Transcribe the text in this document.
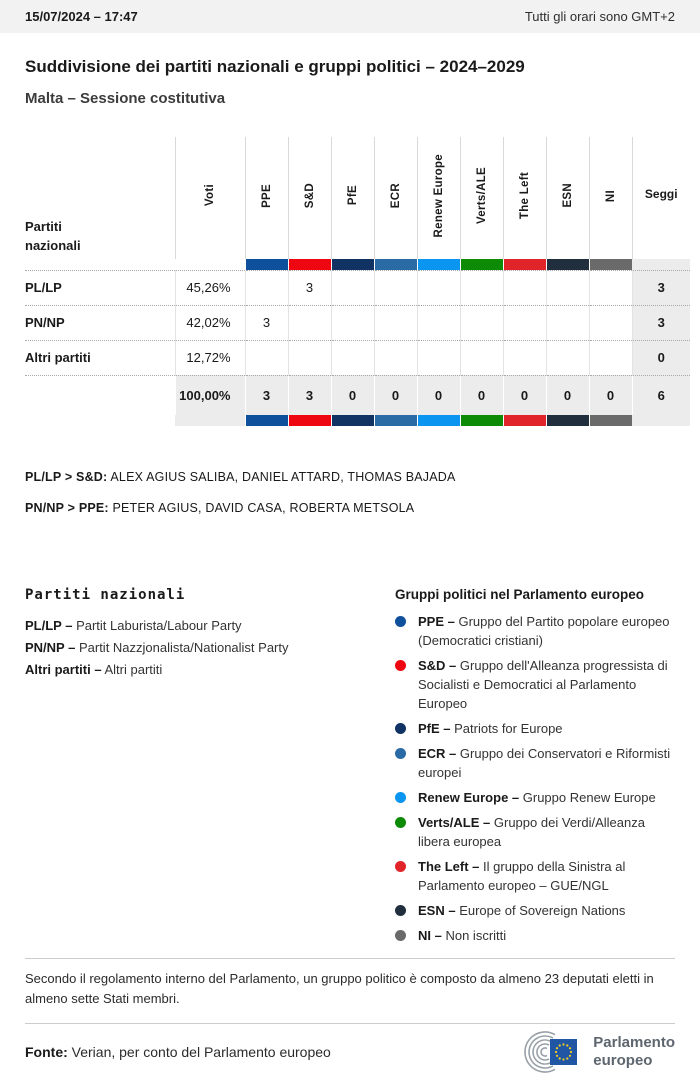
15/07/2024 – 17:47	Tutti gli orari sono GMT+2
Suddivisione dei partiti nazionali e gruppi politici – 2024–2029
Malta – Sessione costitutiva
Partiti nazionali	Voti	PPE	S&D	PfE	ECR	Renew Europe	Verts/ALE	The Left	ESN	NI	Seggi

PL/LP	45,26%		3								3
PN/NP	42,02%	3									3
Altri partiti	12,72%										0
	100,00%	3	3	0	0	0	0	0	0	0	6

PL/LP > S&D: ALEX AGIUS SALIBA, DANIEL ATTARD, THOMAS BAJADA

PN/NP > PPE: PETER AGIUS, DAVID CASA, ROBERTA METSOLA

Partiti nazionali
PL/LP – Partit Laburista/Labour Party
PN/NP – Partit Nazzjonalista/Nationalist Party
Altri partiti – Altri partiti
Gruppi politici nel Parlamento europeo
PPE – Gruppo del Partito popolare europeo (Democratici cristiani)
S&D – Gruppo dell'Alleanza progressista di Socialisti e Democratici al Parlamento Europeo
PfE – Patriots for Europe
ECR – Gruppo dei Conservatori e Riformisti europei
Renew Europe – Gruppo Renew Europe
Verts/ALE – Gruppo dei Verdi/Alleanza libera europea
The Left – Il gruppo della Sinistra al Parlamento europeo – GUE/NGL
ESN – Europe of Sovereign Nations
NI – Non iscritti

Secondo il regolamento interno del Parlamento, un gruppo politico è composto da almeno 23 deputati eletti in almeno sette Stati membri.

Fonte: Verian, per conto del Parlamento europeo

Parlamento
europeo
